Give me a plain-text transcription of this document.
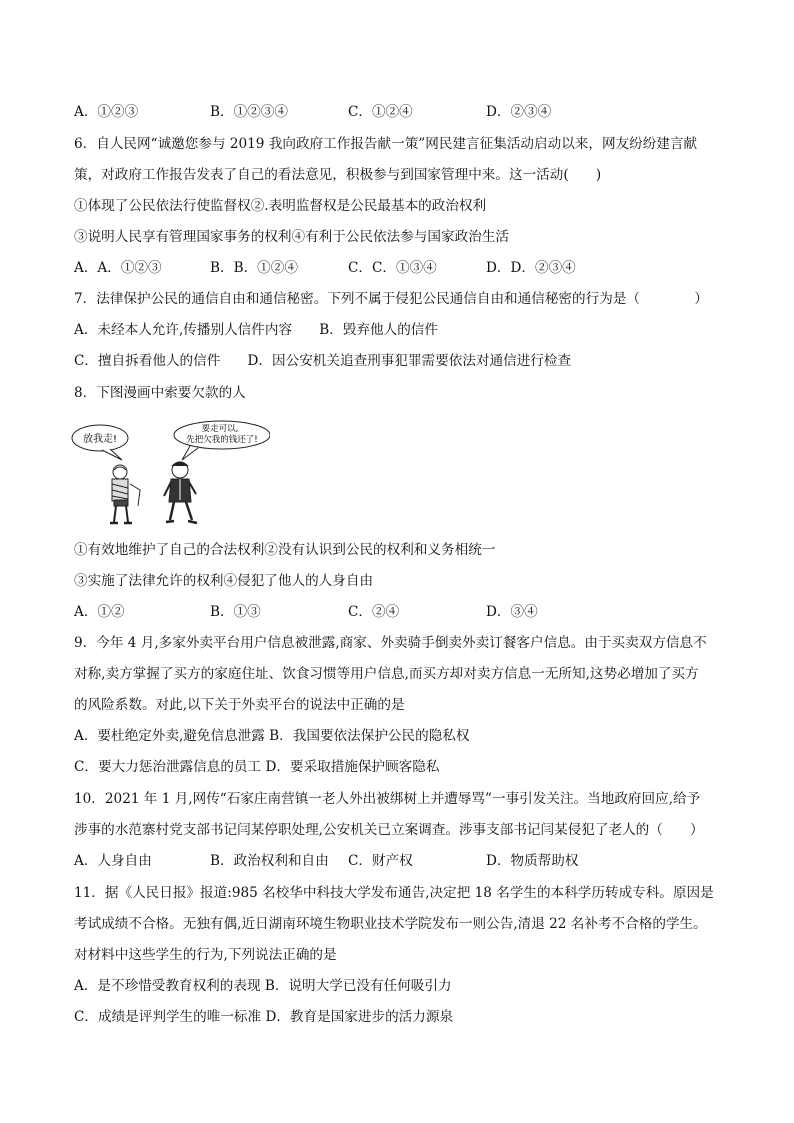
A．①②③	B．①②③④	C．①②④	D．②③④
6．自人民网“诚邀您参与 2019 我向政府工作报告献一策”网民建言征集活动启动以来，网友纷纷建言献
策，对政府工作报告发表了自己的看法意见，积极参与到国家管理中来。这一活动(　　)
①体现了公民依法行使监督权②.表明监督权是公民最基本的政治权利
③说明人民享有管理国家事务的权利④有利于公民依法参与国家政治生活
A．A．①②③	B．B．①②④	C．C．①③④	D．D．②③④
7．法律保护公民的通信自由和通信秘密。下列不属于侵犯公民通信自由和通信秘密的行为是（　　　　）
A．未经本人允许,传播别人信件内容　　B．毁弃他人的信件
C．擅自拆看他人的信件　　D．因公安机关追查刑事犯罪需要依法对通信进行检查
8．下图漫画中索要欠款的人
放我走!
要走可以,
先把欠我的钱还了!
①有效地维护了自己的合法权利②没有认识到公民的权利和义务相统一
③实施了法律允许的权利④侵犯了他人的人身自由
A．①②	B．①③	C．②④	D．③④
9．今年 4 月,多家外卖平台用户信息被泄露,商家、外卖骑手倒卖外卖订餐客户信息。由于买卖双方信息不
对称,卖方掌握了买方的家庭住址、饮食习惯等用户信息,而买方却对卖方信息一无所知,这势必增加了买方
的风险系数。对此,以下关于外卖平台的说法中正确的是
A．要杜绝定外卖,避免信息泄露 B．我国要依法保护公民的隐私权
C．要大力惩治泄露信息的员工 D．要采取措施保护顾客隐私
10．2021 年 1 月,网传“石家庄南营镇一老人外出被绑树上并遭辱骂”一事引发关注。当地政府回应,给予
涉事的水范寨村党支部书记闫某停职处理,公安机关已立案调查。涉事支部书记闫某侵犯了老人的（　　）
A．人身自由	B．政治权利和自由 C．财产权	D．物质帮助权
11．据《人民日报》报道:985 名校华中科技大学发布通告,决定把 18 名学生的本科学历转成专科。原因是
考试成绩不合格。无独有偶,近日湖南环境生物职业技术学院发布一则公告,清退 22 名补考不合格的学生。
对材料中这些学生的行为,下列说法正确的是
A．是不珍惜受教育权利的表现 B．说明大学已没有任何吸引力
C．成绩是评判学生的唯一标准 D．教育是国家进步的活力源泉
